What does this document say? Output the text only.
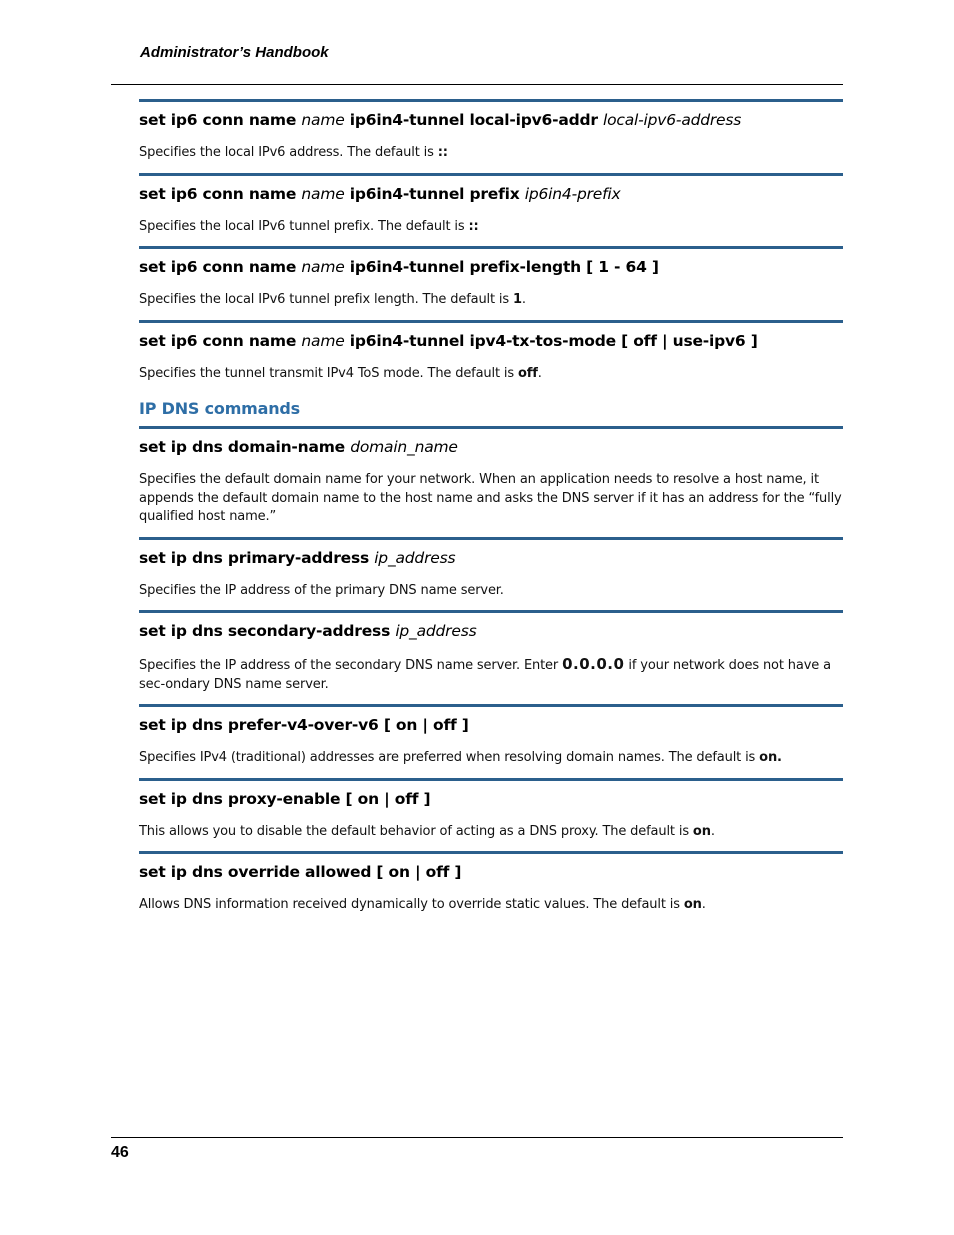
Administrator’s Handbook
set ip6 conn name name ip6in4-tunnel local-ipv6-addr local-ipv6-address
Specifies the local IPv6 address. The default is ::
set ip6 conn name name ip6in4-tunnel prefix ip6in4-prefix
Specifies the local IPv6 tunnel prefix. The default is ::
set ip6 conn name name ip6in4-tunnel prefix-length [ 1 - 64 ]
Specifies the local IPv6 tunnel prefix length. The default is 1.
set ip6 conn name name ip6in4-tunnel ipv4-tx-tos-mode [ off | use-ipv6 ]
Specifies the tunnel transmit IPv4 ToS mode. The default is off.
IP DNS commands
set ip dns domain-name domain_name
Specifies the default domain name for your network. When an application needs to resolve a host name, it appends the default domain name to the host name and asks the DNS server if it has an address for the “fully qualified host name.”
set ip dns primary-address ip_address
Specifies the IP address of the primary DNS name server.
set ip dns secondary-address ip_address
Specifies the IP address of the secondary DNS name server. Enter 0.0.0.0 if your network does not have a sec-ondary DNS name server.
set ip dns prefer-v4-over-v6 [ on | off ]
Specifies IPv4 (traditional) addresses are preferred when resolving domain names. The default is on.
set ip dns proxy-enable [ on | off ]
This allows you to disable the default behavior of acting as a DNS proxy. The default is on.
set ip dns override allowed [ on | off ]
Allows DNS information received dynamically to override static values. The default is on.
46
